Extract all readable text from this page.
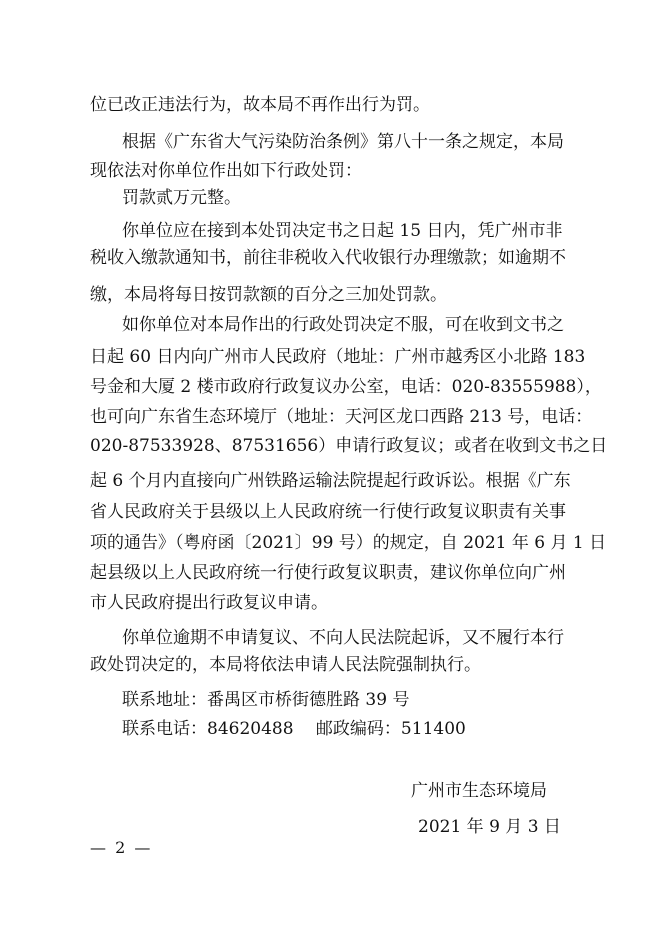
位已改正违法行为，故本局不再作出行为罚。
根据《广东省大气污染防治条例》第八十一条之规定，本局
现依法对你单位作出如下行政处罚：
罚款贰万元整。
你单位应在接到本处罚决定书之日起 15 日内，凭广州市非
税收入缴款通知书，前往非税收入代收银行办理缴款；如逾期不
缴，本局将每日按罚款额的百分之三加处罚款。
如你单位对本局作出的行政处罚决定不服，可在收到文书之
日起 60 日内向广州市人民政府（地址：广州市越秀区小北路 183
号金和大厦 2 楼市政府行政复议办公室，电话：020-83555988），
也可向广东省生态环境厅（地址：天河区龙口西路 213 号，电话：
020-87533928、87531656）申请行政复议；或者在收到文书之日
起 6 个月内直接向广州铁路运输法院提起行政诉讼。根据《广东
省人民政府关于县级以上人民政府统一行使行政复议职责有关事
项的通告》（粤府函〔2021〕99 号）的规定，自 2021 年 6 月 1 日
起县级以上人民政府统一行使行政复议职责，建议你单位向广州
市人民政府提出行政复议申请。
你单位逾期不申请复议、不向人民法院起诉，又不履行本行
政处罚决定的，本局将依法申请人民法院强制执行。
联系地址：番禺区市桥街德胜路 39 号
联系电话：84620488　 邮政编码：511400
广州市生态环境局
2021 年 9 月 3 日
— 2 —
